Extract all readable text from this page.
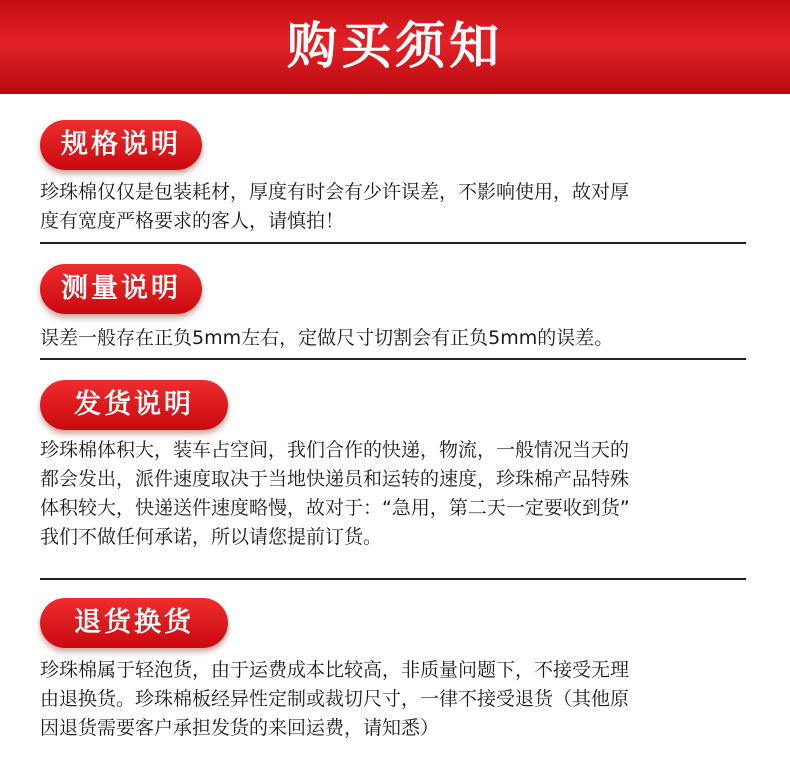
购买须知
规格说明

珍珠棉仅仅是包装耗材，厚度有时会有少许误差，不影响使用，故对厚

度有宽度严格要求的客人，请慎拍！

测量说明

误差一般存在正负5mm左右，定做尺寸切割会有正负5mm的误差。

发货说明

珍珠棉体积大，装车占空间，我们合作的快递，物流，一般情况当天的

都会发出，派件速度取决于当地快递员和运转的速度，珍珠棉产品特殊

体积较大，快递送件速度略慢，故对于：“急用，第二天一定要收到货”

我们不做任何承诺，所以请您提前订货。

退货换货

珍珠棉属于轻泡货，由于运费成本比较高，非质量问题下，不接受无理

由退换货。珍珠棉板经异性定制或裁切尺寸，一律不接受退货（其他原

因退货需要客户承担发货的来回运费，请知悉）
